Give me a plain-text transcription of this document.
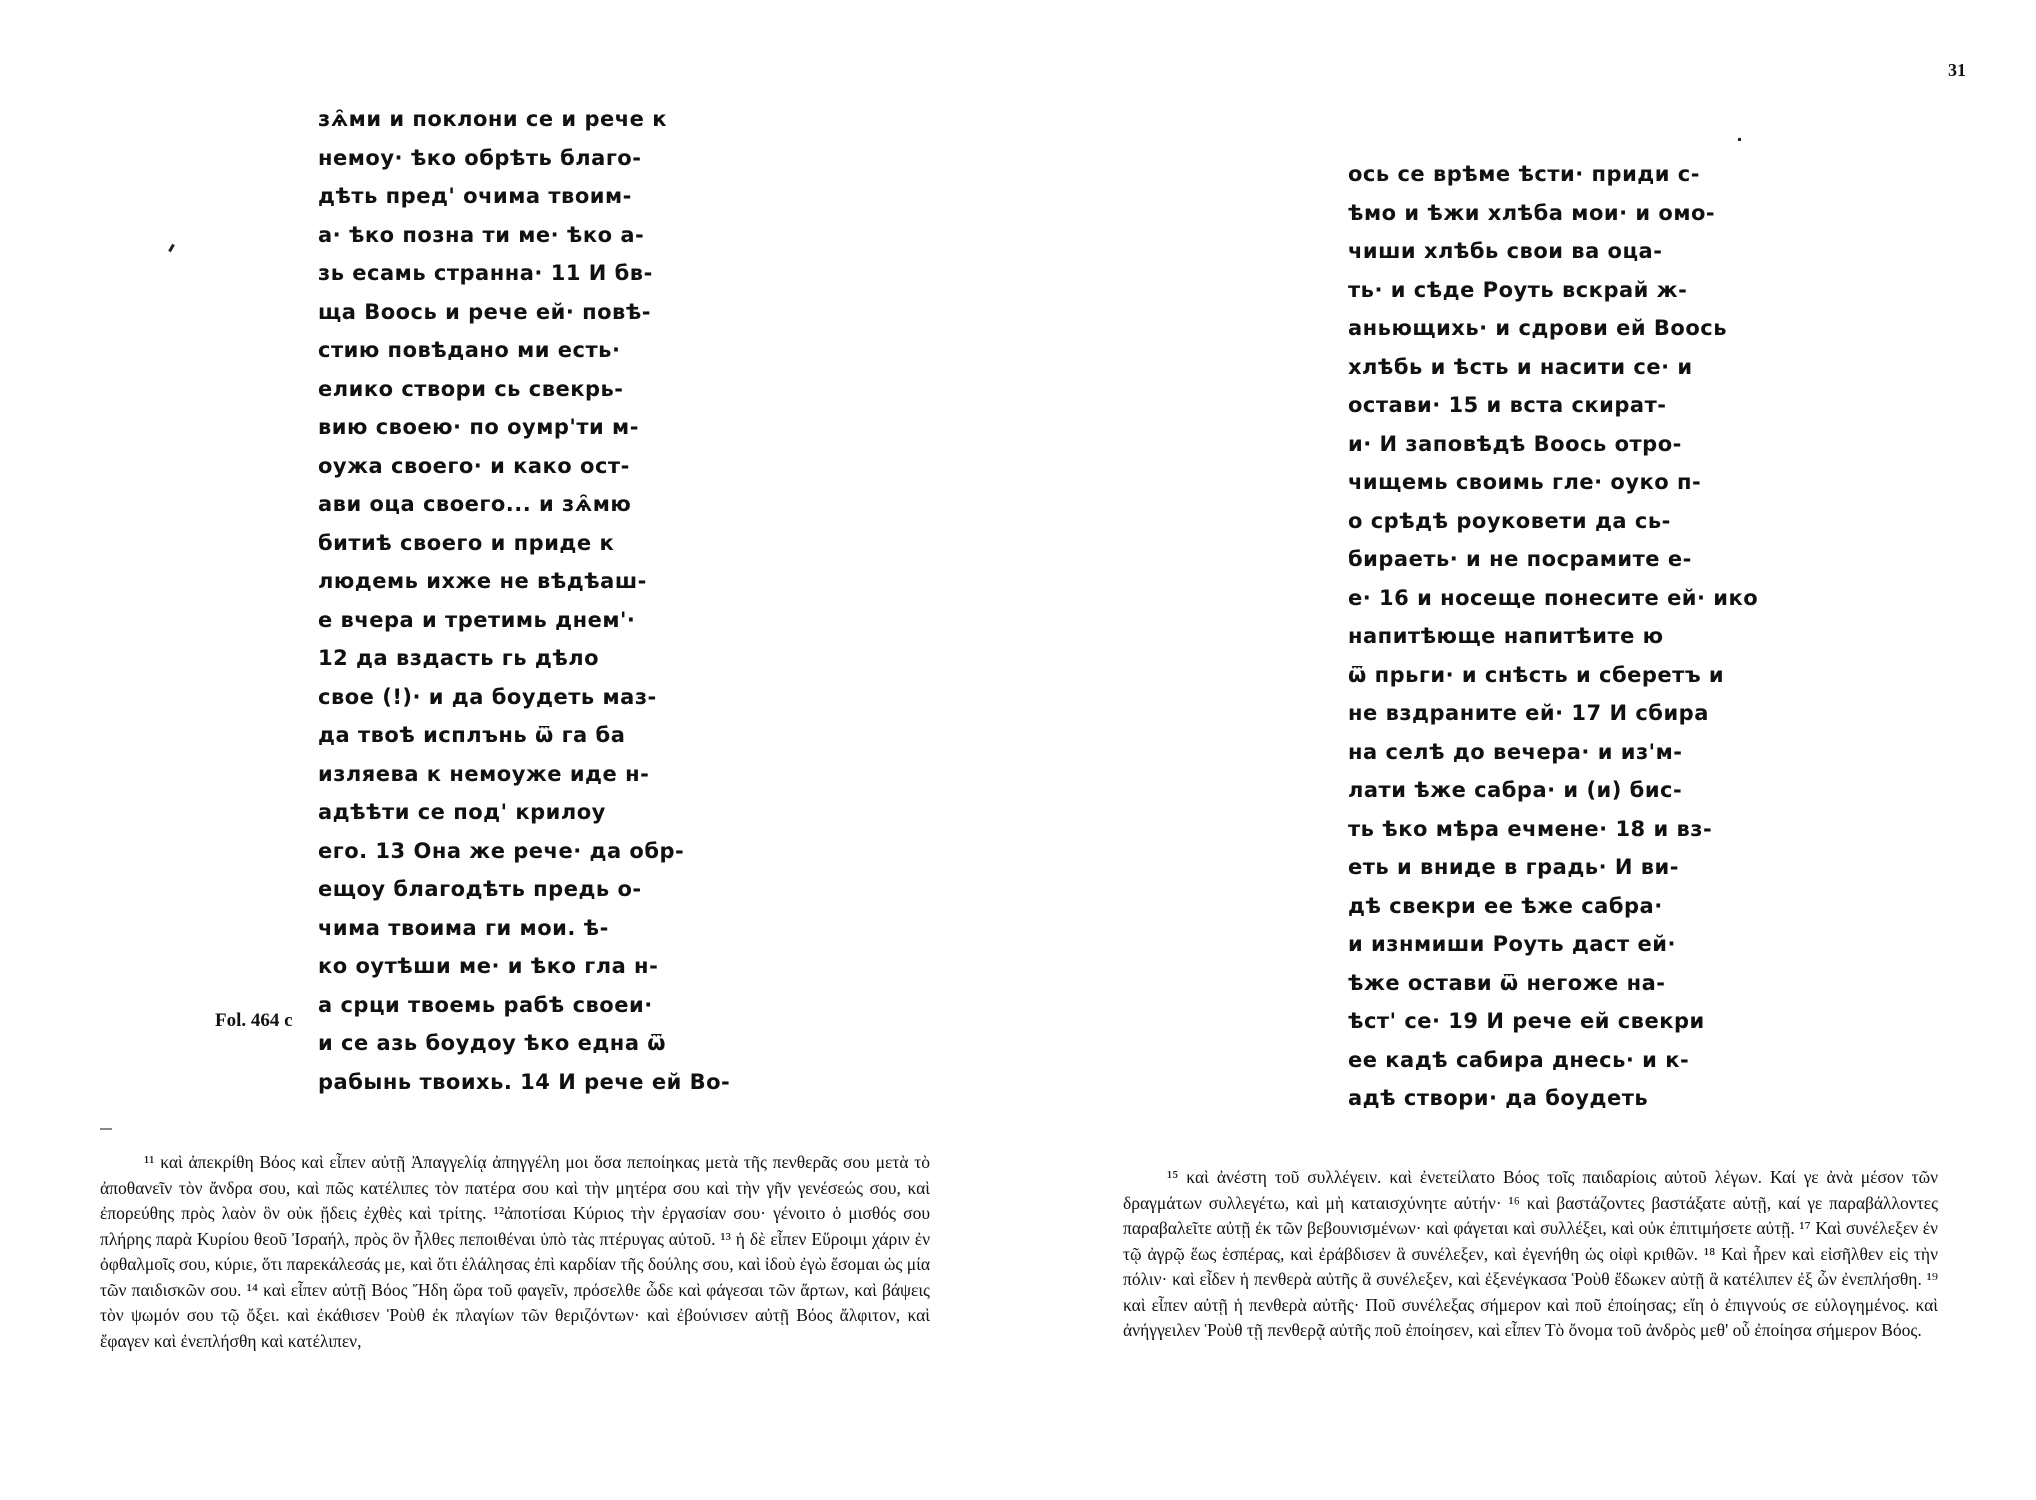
зѧ̑ми и поклони се и рече к
немоу· ѣко обрѣть благо-
дѣть пред' очима твоим-
а· ѣко позна ти ме· ѣко а-
зь есамь странна· 11 И бв-
ща Воось и рече ей· повѣ-
стию повѣдано ми есть·
елико створи сь свекрь-
вию своею· по оумр'ти м-
оужа своего· и како ост-
ави оца своего... и зѧ̑мю
битиѣ своего и приде к
людемь ихже не вѣдѣаш-
е вчера и третимь днем'·
12 да вздасть гь дѣло
свое (!)· и да боудеть маз-
да твоѣ исплънь ѿ га ба
изляева к немоуже иде н-
адѣѣти се под' крилоу
его. 13 Она же рече· да обр-
ещоу благодѣть предь о-
чима твоима ги мои. ѣ-
ко оутѣши ме· и ѣко гла н-
а срци твоемь рабѣ своеи·
и се азь боудоу ѣко една ѿ
рабынь твоихь. 14 И рече ей Во-
Fol. 464 c

¹¹ καὶ ἀπεκρίθη Βόος καὶ εἶπεν αὐτῇ Ἀπαγγελίᾳ ἀπηγγέλη μοι ὅσα πεποίηκας μετὰ τῆς πενθερᾶς σου μετὰ τὸ ἀποθανεῖν τὸν ἄνδρα σου, καὶ πῶς κατέλιπες τὸν πατέρα σου καὶ τὴν μητέρα σου καὶ τὴν γῆν γενέσεώς σου, καὶ ἐπορεύθης πρὸς λαὸν ὃν οὐκ ᾔδεις ἐχθὲς καὶ τρίτης. ¹²ἀποτίσαι Κύριος τὴν ἐργασίαν σου· γένοιτο ὁ μισθός σου πλήρης παρὰ Κυρίου θεοῦ Ἰσραήλ, πρὸς ὃν ἦλθες πεποιθέναι ὑπὸ τὰς πτέρυγας αὐτοῦ. ¹³ ἡ δὲ εἶπεν Εὕροιμι χάριν ἐν ὀφθαλμοῖς σου, κύριε, ὅτι παρεκάλεσάς με, καὶ ὅτι ἐλάλησας ἐπὶ καρδίαν τῆς δούλης σου, καὶ ἰδοὺ ἐγὼ ἔσομαι ὡς μία τῶν παιδισκῶν σου. ¹⁴ καὶ εἶπεν αὐτῇ Βόος Ἤδη ὥρα τοῦ φαγεῖν, πρόσελθε ὧδε καὶ φάγεσαι τῶν ἄρτων, καὶ βάψεις τὸν ψωμόν σου τῷ ὄξει. καὶ ἐκάθισεν Ῥοὺθ ἐκ πλαγίων τῶν θεριζόντων· καὶ ἐβούνισεν αὐτῇ Βόος ἄλφιτον, καὶ ἔφαγεν καὶ ἐνεπλήσθη καὶ κατέλιπεν,

31
ось се врѣме ѣсти· приди с-
ѣмо и ѣжи хлѣба мои· и омо-
чиши хлѣбь свои ва оцa-
ть· и сѣде Роуть вскрай ж-
аньющихь· и сдрови ей Воось
хлѣбь и ѣсть и насити се· и
остави· 15 и вста скират-
и· И заповѣдѣ Воось отро-
чищемь своимь гле· оуко п-
о срѣдѣ роуковети да сь-
бираеть· и не посрамите е-
е· 16 и носеще понесите ей· ико
напитѣюще напитѣите ю
ѿ прьги· и снѣсть и сберетъ и
не вздраните ей· 17 И сбира
на селѣ до вечера· и из'м-
лати ѣже сабра· и (и) бис-
ть ѣко мѣра ечмене· 18 и вз-
еть и вниде в градь· И ви-
дѣ свекри ее ѣже сабра·
и изнмиши Роуть даст ей·
ѣже остави ѿ негоже на-
ѣст' се· 19 И рече ей свекри
ее кадѣ сабира днесь· и к-
адѣ створи· да боудеть

¹⁵ καὶ ἀνέστη τοῦ συλλέγειν. καὶ ἐνετείλατο Βόος τοῖς παιδαρίοις αὐτοῦ λέγων. Καί γε ἀνὰ μέσον τῶν δραγμάτων συλλεγέτω, καὶ μὴ καταισχύνητε αὐτήν· ¹⁶ καὶ βαστάζοντες βαστάξατε αὐτῇ, καί γε παραβάλλοντες παραβαλεῖτε αὐτῇ ἐκ τῶν βεβουνισμένων· καὶ φάγεται καὶ συλλέξει, καὶ οὐκ ἐπιτιμήσετε αὐτῇ. ¹⁷ Καὶ συνέλεξεν ἐν τῷ ἀγρῷ ἕως ἑσπέρας, καὶ ἐράβδισεν ἃ συνέλεξεν, καὶ ἐγενήθη ὡς οἰφὶ κριθῶν. ¹⁸ Καὶ ἦρεν καὶ εἰσῆλθεν εἰς τὴν πόλιν· καὶ εἶδεν ἡ πενθερὰ αὐτῆς ἃ συνέλεξεν, καὶ ἐξενέγκασα Ῥοὺθ ἔδωκεν αὐτῇ ἃ κατέλιπεν ἐξ ὧν ἐνεπλήσθη. ¹⁹ καὶ εἶπεν αὐτῇ ἡ πενθερὰ αὐτῆς· Ποῦ συνέλεξας σήμερον καὶ ποῦ ἐποίησας; εἴη ὁ ἐπιγνούς σε εὐλογημένος. καὶ ἀνήγγειλεν Ῥοὺθ τῇ πενθερᾷ αὐτῆς ποῦ ἐποίησεν, καὶ εἶπεν Τὸ ὄνομα τοῦ ἀνδρὸς μεθ' οὗ ἐποίησα σήμερον Βόος.
